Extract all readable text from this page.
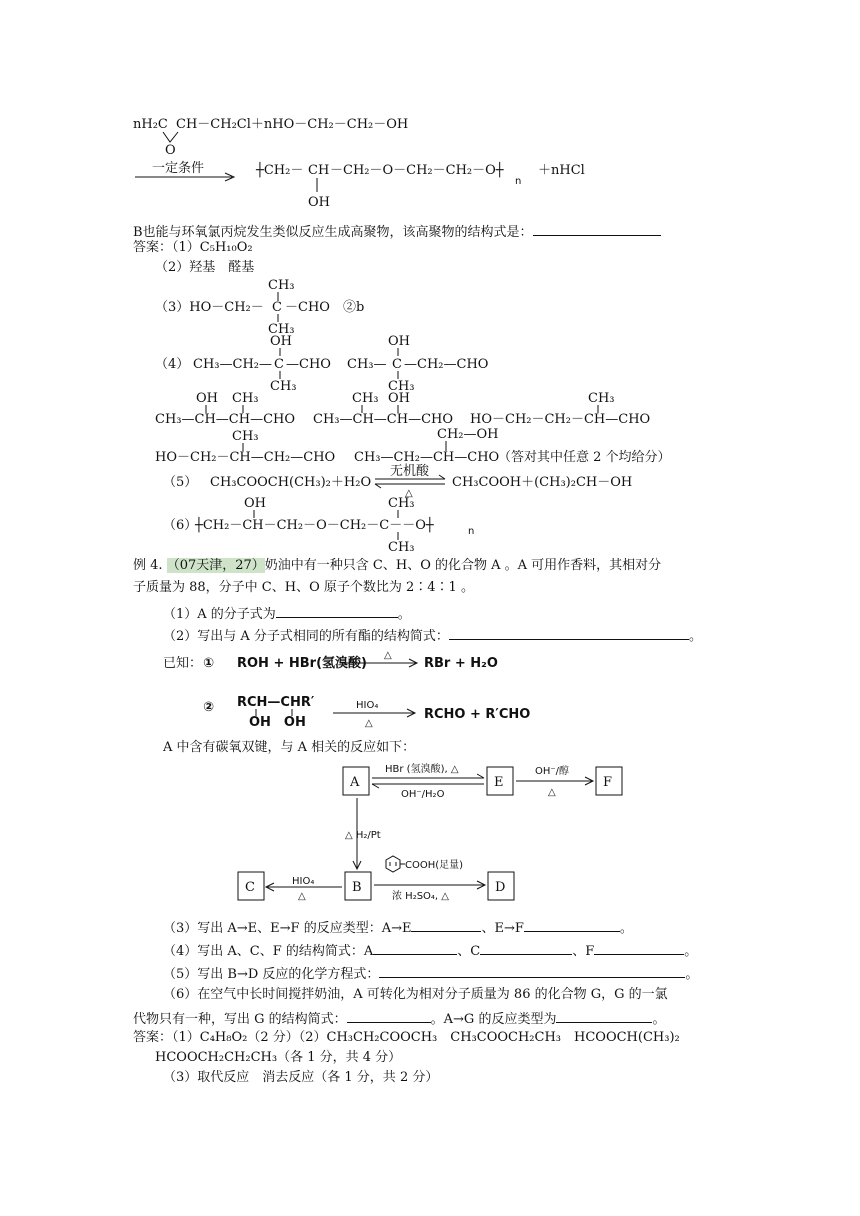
nH₂C CH－CH₂Cl＋nHO－CH₂－CH₂－OH
O
一定条件	┼CH₂－ CH －CH₂－O－CH₂－CH₂－O┼
n
＋nHCl
OH
B也能与环氧氯丙烷发生类似反应生成高聚物，该高聚物的结构式是：
答案：（1）C₅H₁₀O₂
（2）羟基　醛基
CH₃
（3）HO－CH₂－ C －CHO　②b
CH₃
OH
（4） CH₃—CH₂— C —CHO
CH₃
OH
CH₃— C —CH₂—CHO
CH₃
OH CH₃
CH₃—CH—CH—CHO
CH₃ OH
CH₃—CH—CH—CHO
CH₃
HO－CH₂－CH₂－CH—CHO
CH₃
HO－CH₂－CH—CH₂—CHO
CH₂—OH
CH₃—CH₂—CH—CHO
（答对其中任意 2 个均给分）
（5） CH₃COOCH(CH₃)₂＋H₂O
无机酸
△
CH₃COOH＋(CH₃)₂CH－OH
OH	CH₃
（6）
┼CH₂－CH－CH₂－O－CH₂－C－－O┼	n
CH₃
例 4. （07天津，27）奶油中有一种只含 C、H、O 的化合物 A 。A 可用作香料，其相对分
子质量为 88，分子中 C、H、O 原子个数比为 2∶4∶1 。
（1）A 的分子式为	。
（2）写出与 A 分子式相同的所有酯的结构简式：	。
已知： ① ROH + HBr(氢溴酸)
△
RBr + H₂O
② RCH—CHR′
OH　OH
HIO₄
△
RCHO + R′CHO
A 中含有碳氧双键，与 A 相关的反应如下：
A	E	F
B
C	D
HBr (氢溴酸), △
OH⁻/H₂O
OH⁻/醇
△
△ H₂/Pt
HIO₄
△
COOH(足量)
浓 H₂SO₄, △
（3）写出 A→E、E→F 的反应类型：A→E	、E→F	。
（4）写出 A、C、F 的结构简式：A	、C	、F	。
（5）写出 B→D 反应的化学方程式：	。
（6）在空气中长时间搅拌奶油，A 可转化为相对分子质量为 86 的化合物 G，G 的一氯
代物只有一种，写出 G 的结构简式：	。A→G 的反应类型为	。
答案：（1）C₄H₈O₂（2 分）（2）CH₃CH₂COOCH₃　CH₃COOCH₂CH₃　HCOOCH(CH₃)₂
HCOOCH₂CH₂CH₃（各 1 分，共 4 分）
（3）取代反应　消去反应（各 1 分，共 2 分）
